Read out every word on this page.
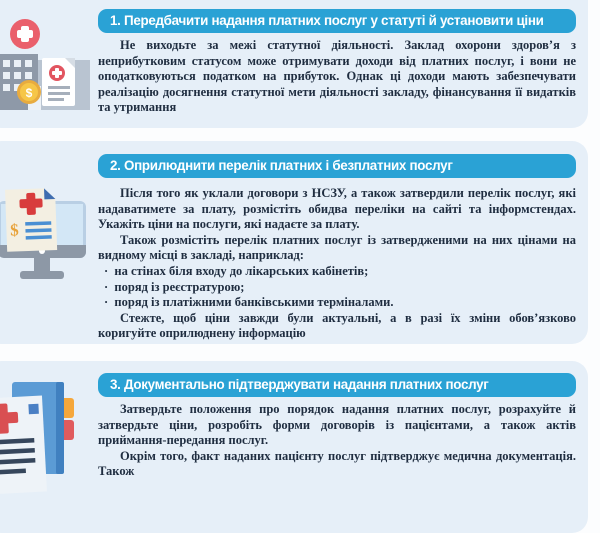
$
1. Передбачити надання платних послуг у статуті й установити ціни

Не виходьте за межі статутної діяльності. Заклад охорони здоров’я з неприбутковим статусом може отримувати доходи від платних послуг, і вони не оподатковуються податком на прибуток. Однак ці доходи мають забезпечувати реалізацію досягнення статутної мети діяльності закладу, фінансування її видатків та утримання

$
2. Оприлюднити перелік платних і безплатних послуг

Після того як уклали договори з НСЗУ, а також затвердили перелік послуг, які надаватимете за плату, розмістіть обидва переліки на сайті та інформстендах. Укажіть ціни на послуги, які надаєте за плату.

Також розмістіть перелік платних послуг із затвердженими на них цінами на видному місці в закладі, наприклад:

·  на стінах біля входу до лікарських кабінетів;
·  поряд із реєстратурою;
·  поряд із платіжними банківськими терміналами.

Стежте, щоб ціни завжди були актуальні, а в разі їх зміни обов’язково коригуйте оприлюднену інформацію

3. Документально підтверджувати надання платних послуг

Затвердьте положення про порядок надання платних послуг, розрахуйте й затвердьте ціни, розробіть форми договорів із пацієнтами, а також актів приймання-передання послуг.

Окрім того, факт наданих пацієнту послуг підтверджує медична документація. Також
